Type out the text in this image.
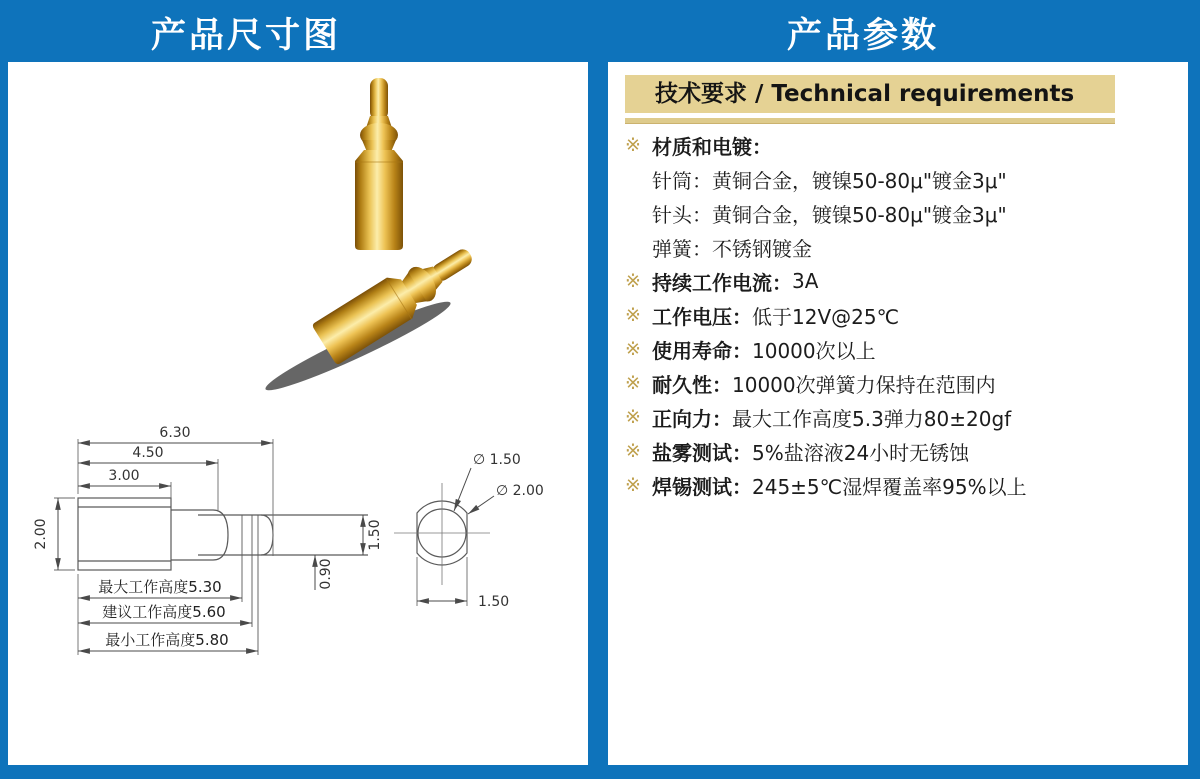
产品尺寸图	产品参数
6.30
4.50
3.00
2.00	1.50
0.90
最大工作高度5.30
建议工作高度5.60
最小工作高度5.80
1.50
∅ 1.50
∅ 2.00
技术要求 / Technical requirements
※ 材质和电镀：
针筒：黄铜合金，镀镍50-80μ"镀金3μ"
针头：黄铜合金，镀镍50-80μ"镀金3μ"
弹簧：不锈钢镀金
※ 持续工作电流： 3A
※ 工作电压： 低于12V@25℃
※ 使用寿命： 10000次以上
※ 耐久性： 10000次弹簧力保持在范围内
※ 正向力： 最大工作高度5.3弹力80±20gf
※ 盐雾测试： 5%盐溶液24小时无锈蚀
※ 焊锡测试： 245±5℃湿焊覆盖率95%以上
